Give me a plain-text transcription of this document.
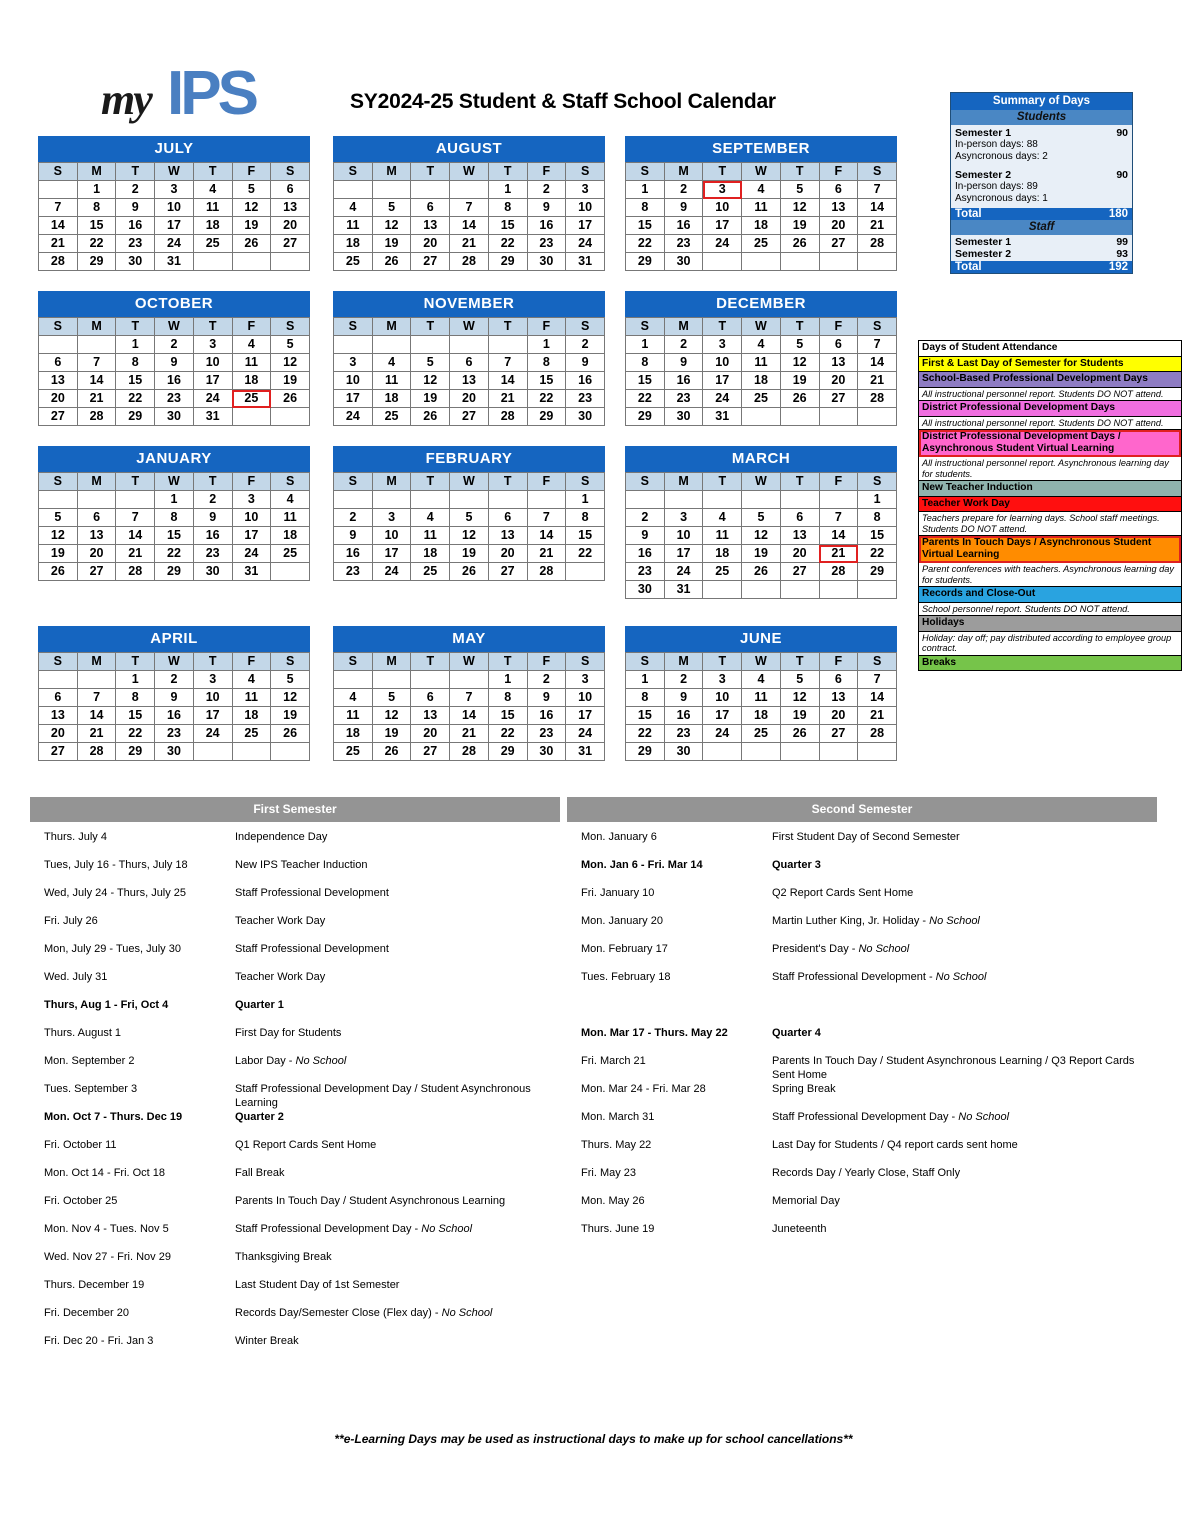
my IPS	SY2024-25 Student & Staff School Calendar
JULY
S	M	T	W	T	F	S
	1	2	3	4	5	6
7	8	9	10	11	12	13
14	15	16	17	18	19	20
21	22	23	24	25	26	27
28	29	30	31			
AUGUST
S	M	T	W	T	F	S
				1	2	3
4	5	6	7	8	9	10
11	12	13	14	15	16	17
18	19	20	21	22	23	24
25	26	27	28	29	30	31
SEPTEMBER
S	M	T	W	T	F	S
1	2	3	4	5	6	7
8	9	10	11	12	13	14
15	16	17	18	19	20	21
22	23	24	25	26	27	28
29	30					
OCTOBER
S	M	T	W	T	F	S
		1	2	3	4	5
6	7	8	9	10	11	12
13	14	15	16	17	18	19
20	21	22	23	24	25	26
27	28	29	30	31		
NOVEMBER
S	M	T	W	T	F	S
					1	2
3	4	5	6	7	8	9
10	11	12	13	14	15	16
17	18	19	20	21	22	23
24	25	26	27	28	29	30
DECEMBER
S	M	T	W	T	F	S
1	2	3	4	5	6	7
8	9	10	11	12	13	14
15	16	17	18	19	20	21
22	23	24	25	26	27	28
29	30	31				
JANUARY
S	M	T	W	T	F	S
			1	2	3	4
5	6	7	8	9	10	11
12	13	14	15	16	17	18
19	20	21	22	23	24	25
26	27	28	29	30	31	
FEBRUARY
S	M	T	W	T	F	S
						1
2	3	4	5	6	7	8
9	10	11	12	13	14	15
16	17	18	19	20	21	22
23	24	25	26	27	28	
MARCH
S	M	T	W	T	F	S
						1
2	3	4	5	6	7	8
9	10	11	12	13	14	15
16	17	18	19	20	21	22
23	24	25	26	27	28	29
30	31					
APRIL
S	M	T	W	T	F	S
		1	2	3	4	5
6	7	8	9	10	11	12
13	14	15	16	17	18	19
20	21	22	23	24	25	26
27	28	29	30			
MAY
S	M	T	W	T	F	S
				1	2	3
4	5	6	7	8	9	10
11	12	13	14	15	16	17
18	19	20	21	22	23	24
25	26	27	28	29	30	31
JUNE
S	M	T	W	T	F	S
1	2	3	4	5	6	7
8	9	10	11	12	13	14
15	16	17	18	19	20	21
22	23	24	25	26	27	28
29	30					
Summary of Days
Students
Semester 1	90
In-person days: 88
Asyncronous days: 2
Semester 2	90
In-person days: 89
Asyncronous days: 1
Total	180
Staff
Semester 1	99
Semester 2	93
Total	192
Days of Student Attendance
First & Last Day of Semester for Students
School-Based Professional Development Days
All instructional personnel report. Students DO NOT attend.
District Professional Development Days
All instructional personnel report. Students DO NOT attend.
District Professional Development Days / Asynchronous Student Virtual Learning
All instructional personnel report. Asynchronous learning day for students.
New Teacher Induction
Teacher Work Day
Teachers prepare for learning days. School staff meetings. Students DO NOT attend.
Parents In Touch Days / Asynchronous Student Virtual Learning
Parent conferences with teachers. Asynchronous learning day for students.
Records and Close-Out
School personnel report. Students DO NOT attend.
Holidays
Holiday: day off; pay distributed according to employee group contract.
Breaks
First Semester
Thurs. July 4	Independence Day
Tues, July 16 - Thurs, July 18	New IPS Teacher Induction
Wed, July 24 - Thurs, July 25	Staff Professional Development
Fri. July 26	Teacher Work Day
Mon, July 29 - Tues, July 30	Staff Professional Development
Wed. July 31	Teacher Work Day
Thurs, Aug 1 - Fri, Oct 4	Quarter 1
Thurs. August 1	First Day for Students
Mon. September 2	Labor Day - No School
Tues. September 3	Staff Professional Development Day / Student Asynchronous Learning
Mon. Oct 7 - Thurs. Dec 19	Quarter 2
Fri. October 11	Q1 Report Cards Sent Home
Mon. Oct 14 - Fri. Oct 18	Fall Break
Fri. October 25	Parents In Touch Day / Student Asynchronous Learning
Mon. Nov 4 - Tues. Nov 5	Staff Professional Development Day - No School
Wed. Nov 27 - Fri. Nov 29	Thanksgiving Break
Thurs. December 19	Last Student Day of 1st Semester
Fri. December 20	Records Day/Semester Close (Flex day) - No School
Fri. Dec 20 - Fri. Jan 3	Winter Break
Second Semester
Mon. January 6	First Student Day of Second Semester
Mon. Jan 6 - Fri. Mar 14	Quarter 3
Fri. January 10	Q2 Report Cards Sent Home
Mon. January 20	Martin Luther King, Jr. Holiday - No School
Mon. February 17	President's Day - No School
Tues. February 18	Staff Professional Development - No School
Mon. Mar 17 - Thurs. May 22	Quarter 4
Fri. March 21	Parents In Touch Day / Student Asynchronous Learning / Q3 Report Cards Sent Home
Mon. Mar 24 - Fri. Mar 28	Spring Break
Mon. March 31	Staff Professional Development Day - No School
Thurs. May 22	Last Day for Students / Q4 report cards sent home
Fri. May 23	Records Day / Yearly Close, Staff Only
Mon. May 26	Memorial Day
Thurs. June 19	Juneteenth
**e-Learning Days may be used as instructional days to make up for school cancellations**
